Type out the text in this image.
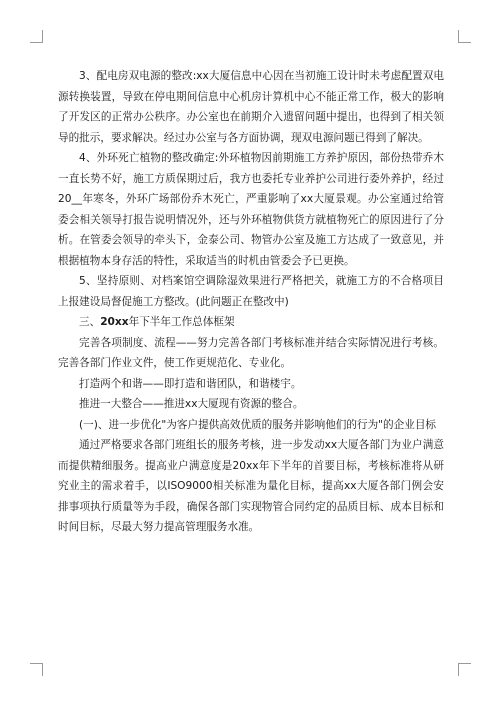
3、配电房双电源的整改:xx大厦信息中心因在当初施工设计时未考虑配置双电源转换装置，导致在停电期间信息中心机房计算机中心不能正常工作，极大的影响了开发区的正常办公秩序。办公室也在前期介入遗留问题中提出，也得到了相关领导的批示，要求解决。经过办公室与各方面协调，现双电源问题已得到了解决。

4、外环死亡植物的整改确定:外环植物因前期施工方养护原因，部份热带乔木一直长势不好，施工方质保期过后，我方也委托专业养护公司进行委外养护，经过20__年寒冬，外环广场部份乔木死亡，严重影响了xx大厦景观。办公室通过给管委会相关领导打报告说明情况外，还与外环植物供货方就植物死亡的原因进行了分析。在管委会领导的牵头下，金泰公司、物管办公室及施工方达成了一致意见，并根据植物本身存活的特性，采取适当的时机由管委会予已更换。

5、坚持原则、对档案馆空调除湿效果进行严格把关，就施工方的不合格项目上报建设局督促施工方整改。(此问题正在整改中)

三、20xx年下半年工作总体框架

完善各项制度、流程——努力完善各部门考核标准并结合实际情况进行考核。完善各部门作业文件，使工作更规范化、专业化。

打造两个和谐——即打造和谐团队，和谐楼宇。

推进一大整合——推进xx大厦现有资源的整合。

(一)、进一步优化"为客户提供高效优质的服务并影响他们的行为"的企业目标

通过严格要求各部门班组长的服务考核，进一步发动xx大厦各部门为业户满意而提供精细服务。提高业户满意度是20xx年下半年的首要目标，考核标准将从研究业主的需求着手，以ISO9000相关标准为量化目标，提高xx大厦各部门例会安排事项执行质量等为手段，确保各部门实现物管合同约定的品质目标、成本目标和时间目标，尽最大努力提高管理服务水准。
